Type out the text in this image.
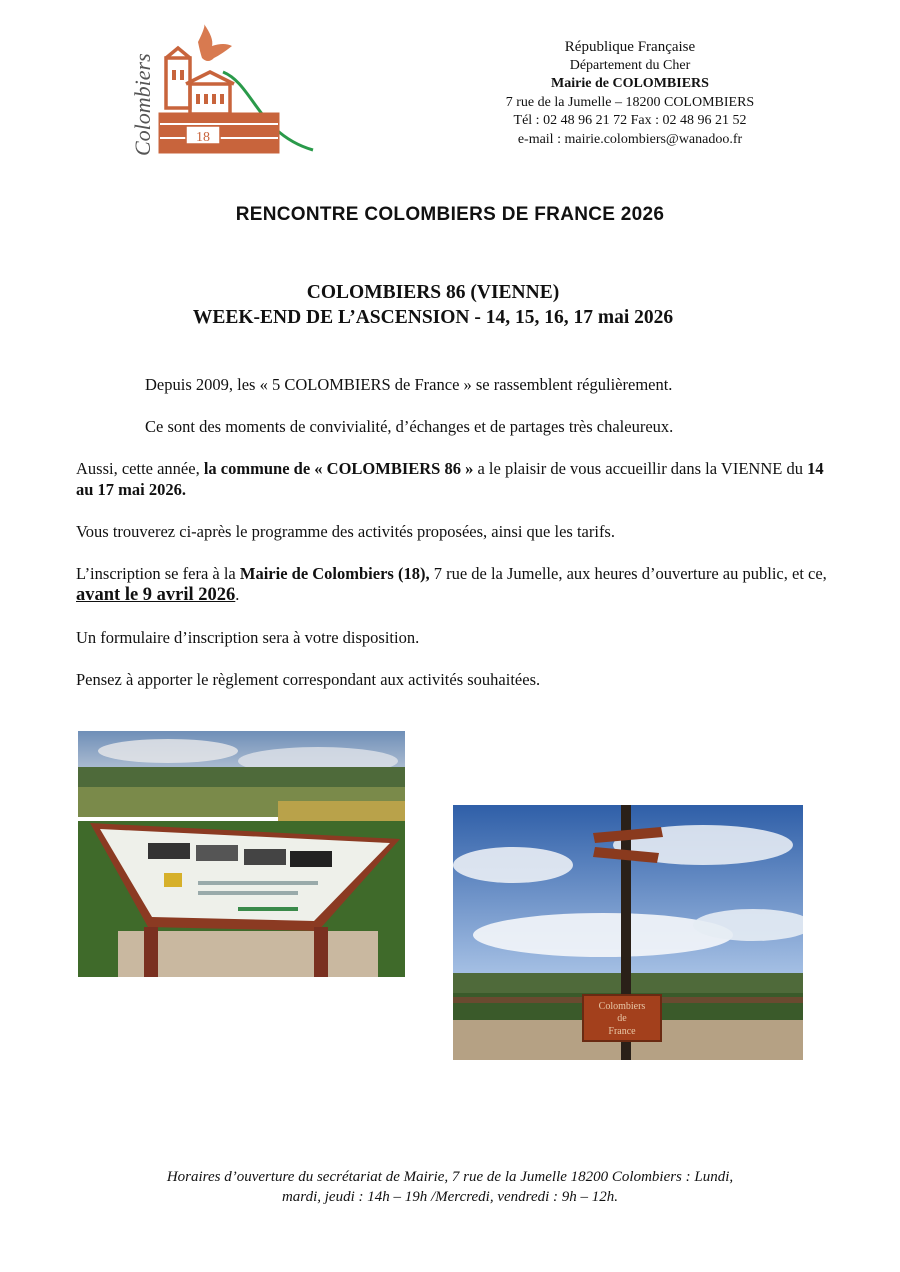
Colombiers	18
République Française
Département du Cher
Mairie de COLOMBIERS
7 rue de la Jumelle – 18200 COLOMBIERS
Tél : 02 48 96 21 72 Fax : 02 48 96 21 52
e-mail : mairie.colombiers@wanadoo.fr
RENCONTRE COLOMBIERS DE FRANCE 2026
COLOMBIERS 86 (VIENNE)
WEEK-END DE L’ASCENSION - 14, 15, 16, 17 mai 2026
Depuis 2009, les « 5 COLOMBIERS de France » se rassemblent régulièrement.
Ce sont des moments de convivialité, d’échanges et de partages très chaleureux.
Aussi, cette année, la commune de « COLOMBIERS 86 » a le plaisir de vous accueillir dans la VIENNE du 14 au 17 mai 2026.
Vous trouverez ci-après le programme des activités proposées, ainsi que les tarifs.
L’inscription se fera à la Mairie de Colombiers (18), 7 rue de la Jumelle, aux heures d’ouverture au public, et ce, avant le 9 avril 2026.
Un formulaire d’inscription sera à votre disposition.
Pensez à apporter le règlement correspondant aux activités souhaitées.
Colombiers
de
France
Horaires d’ouverture du secrétariat de Mairie, 7 rue de la Jumelle 18200 Colombiers : Lundi,
mardi, jeudi : 14h – 19h /Mercredi, vendredi : 9h – 12h.
